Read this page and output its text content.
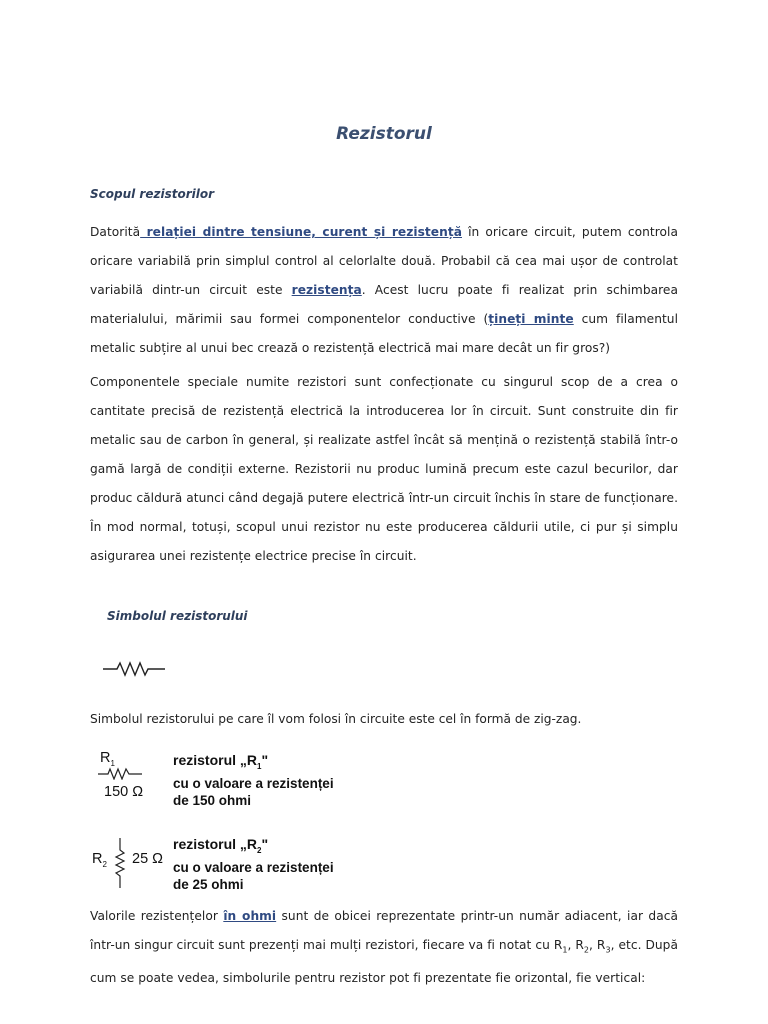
Rezistorul
Scopul rezistorilor

Datorită relației dintre tensiune, curent și rezistență în oricare circuit, putem controla oricare variabilă prin simplul control al celorlalte două. Probabil că cea mai ușor de controlat variabilă dintr-un circuit este rezistența. Acest lucru poate fi realizat prin schimbarea materialului, mărimii sau formei componentelor conductive (țineți minte cum filamentul metalic subțire al unui bec crează o rezistență electrică mai mare decât un fir gros?)

Componentele speciale numite rezistori sunt confecționate cu singurul scop de a crea o cantitate precisă de rezistență electrică la introducerea lor în circuit. Sunt construite din fir metalic sau de carbon în general, și realizate astfel încât să mențină o rezistență stabilă într-o gamă largă de condiții externe. Rezistorii nu produc lumină precum este cazul becurilor, dar produc căldură atunci când degajă putere electrică într-un circuit închis în stare de funcționare. În mod normal, totuși, scopul unui rezistor nu este producerea căldurii utile, ci pur și simplu asigurarea unei rezistențe electrice precise în circuit.

Simbolul rezistorului

Simbolul rezistorului pe care îl vom folosi în circuite este cel în formă de zig-zag.

$R_1$
150 Ω
rezistorul $„R_1$"
cu o valoare a rezistenței
de 150 ohmi
$R_2$ 25 Ω
rezistorul $„R_2$"
cu o valoare a rezistenței
de 25 ohmi

Valorile rezistențelor în ohmi sunt de obicei reprezentate printr-un număr adiacent, iar dacă într-un singur circuit sunt prezenți mai mulți rezistori, fiecare va fi notat cu $R_1$, $R_2$, $R_3$, etc. După cum se poate vedea, simbolurile pentru rezistor pot fi prezentate fie orizontal, fie vertical:
